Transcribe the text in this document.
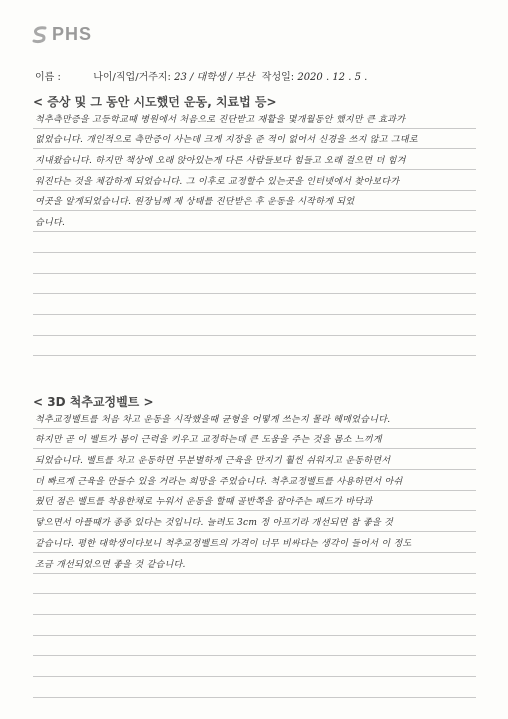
PHS
이름 :	나이/직업/거주지: 23 / 대학생 / 부산 작성일: 2020 . 12 . 5 .
< 증상 및 그 동안 시도했던 운동, 치료법 등>
척추측만증을 고등학교때 병원에서 처음으로 진단받고 재활을 몇개월동안 했지만 큰 효과가
없었습니다. 개인적으로 측만증이 사는데 크게 지장을 준 적이 없어서 신경을 쓰지 않고 그대로
지내왔습니다. 하지만 책상에 오래 앉아있는게 다른 사람들보다 힘들고 오래 걸으면 더 힘겨
워진다는 것을 체감하게 되었습니다. 그 이후로 교정할수 있는곳을 인터넷에서 찾아보다가
여곳을 알게되었습니다. 원장님께 제 상태를 진단받은 후 운동을 시작하게 되었
습니다.
< 3D 척추교정벨트 >
척추교정벨트를 처음 차고 운동을 시작했을때 균형을 어떻게 쓰는지 몰라 헤매었습니다.
하지만 곧 이 벨트가 몸이 근력을 키우고 교정하는데 큰 도움을 주는 것을 몸소 느끼게
되었습니다. 벨트를 차고 운동하면 무분별하게 근육을 만지기 훨씬 쉬워지고 운동하면서
더 빠르게 근육을 만들수 있을 거라는 희망을 주었습니다. 척추교정벨트를 사용하면서 아쉬
웠던 점은 벨트를 착용한채로 누워서 운동을 할때 골반쪽을 잡아주는 패드가 바닥과
닿으면서 아플때가 종종 있다는 것입니다. 늘려도 3cm 정 아프기라 개선되면 참 좋을 것
같습니다. 평한 대학생이다보니 척추교정벨트의 가격이 너무 비싸다는 생각이 들어서 이 정도
조금 개선되었으면 좋을 것 같습니다.
